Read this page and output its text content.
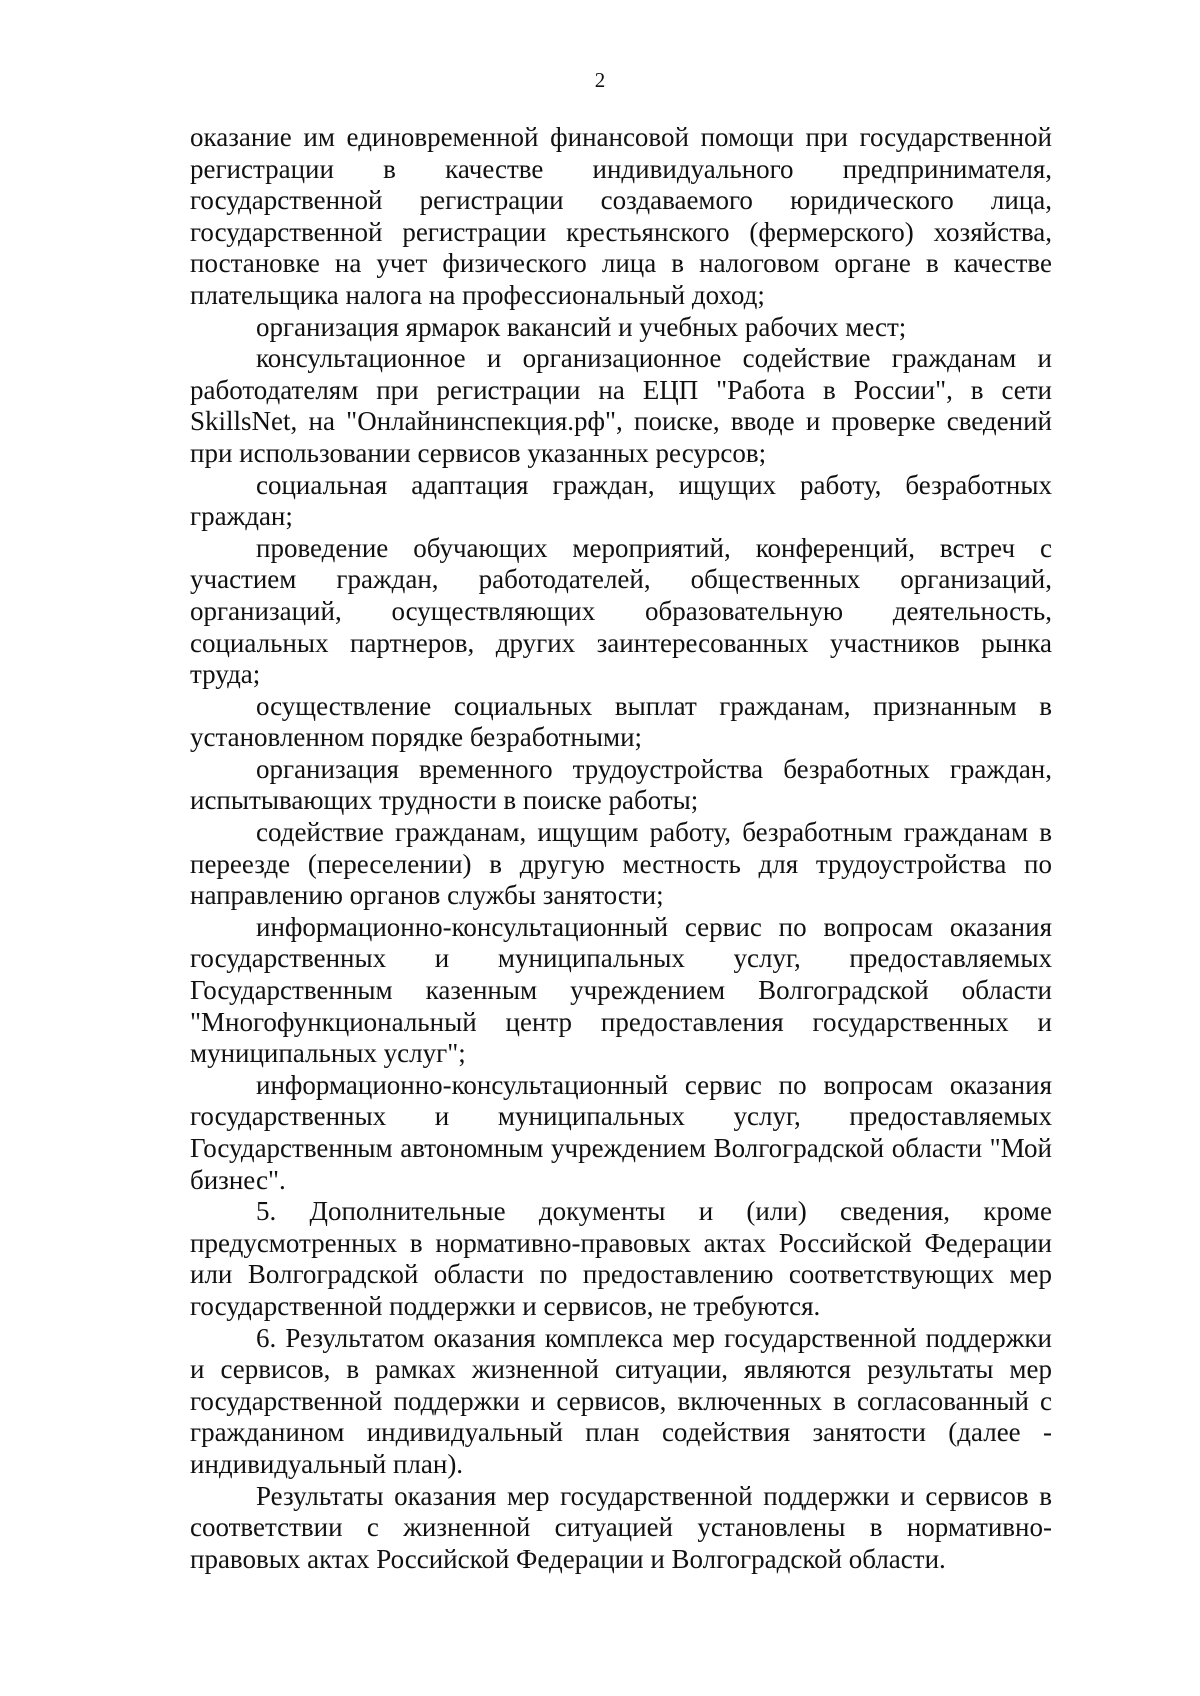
2

оказание им единовременной финансовой помощи при государственной регистрации в качестве индивидуального предпринимателя, государственной регистрации создаваемого юридического лица, государственной регистрации крестьянского (фермерского) хозяйства, постановке на учет физического лица в налоговом органе в качестве плательщика налога на профессиональный доход;

организация ярмарок вакансий и учебных рабочих мест;

консультационное и организационное содействие гражданам и работодателям при регистрации на ЕЦП "Работа в России", в сети SkillsNet, на "Онлайнинспекция.рф", поиске, вводе и проверке сведений при использовании сервисов указанных ресурсов;

социальная адаптация граждан, ищущих работу, безработных граждан;

проведение обучающих мероприятий, конференций, встреч с участием граждан, работодателей, общественных организаций, организаций, осуществляющих образовательную деятельность, социальных партнеров, других заинтересованных участников рынка труда;

осуществление социальных выплат гражданам, признанным в установленном порядке безработными;

организация временного трудоустройства безработных граждан, испытывающих трудности в поиске работы;

содействие гражданам, ищущим работу, безработным гражданам в переезде (переселении) в другую местность для трудоустройства по направлению органов службы занятости;

информационно-консультационный сервис по вопросам оказания государственных и муниципальных услуг, предоставляемых Государственным казенным учреждением Волгоградской области "Многофункциональный центр предоставления государственных и муниципальных услуг";

информационно-консультационный сервис по вопросам оказания государственных и муниципальных услуг, предоставляемых Государственным автономным учреждением Волгоградской области "Мой бизнес".

5. Дополнительные документы и (или) сведения, кроме предусмотренных в нормативно-правовых актах Российской Федерации или Волгоградской области по предоставлению соответствующих мер государственной поддержки и сервисов, не требуются.

6. Результатом оказания комплекса мер государственной поддержки и сервисов, в рамках жизненной ситуации, являются результаты мер государственной поддержки и сервисов, включенных в согласованный с гражданином индивидуальный план содействия занятости (далее - индивидуальный план).

Результаты оказания мер государственной поддержки и сервисов в соответствии с жизненной ситуацией установлены в нормативно-правовых актах Российской Федерации и Волгоградской области.
